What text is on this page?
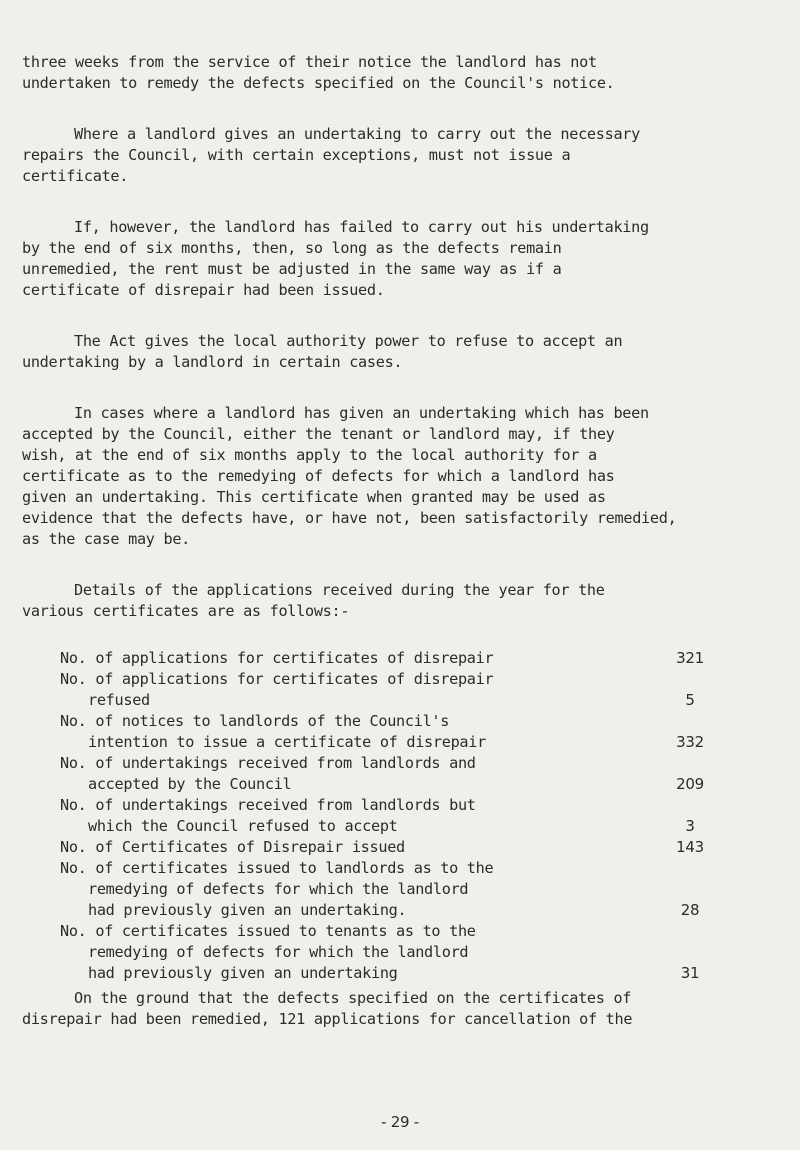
three weeks from the service of their notice the landlord has not
undertaken to remedy the defects specified on the Council's notice.

Where a landlord gives an undertaking to carry out the necessary
repairs the Council, with certain exceptions, must not issue a
certificate.

If, however, the landlord has failed to carry out his undertaking
by the end of six months, then, so long as the defects remain
unremedied, the rent must be adjusted in the same way as if a
certificate of disrepair had been issued.

The Act gives the local authority power to refuse to accept an
undertaking by a landlord in certain cases.

In cases where a landlord has given an undertaking which has been
accepted by the Council, either the tenant or landlord may, if they
wish, at the end of six months apply to the local authority for a
certificate as to the remedying of defects for which a landlord has
given an undertaking. This certificate when granted may be used as
evidence that the defects have, or have not, been satisfactorily remedied,
as the case may be.

Details of the applications received during the year for the
various certificates are as follows:-

No. of applications for certificates of disrepair	321

No. of applications for certificates of disrepair
refused	5

No. of notices to landlords of the Council's
intention to issue a certificate of disrepair	332

No. of undertakings received from landlords and
accepted by the Council	209

No. of undertakings received from landlords but
which the Council refused to accept	3

No. of Certificates of Disrepair issued	143

No. of certificates issued to landlords as to the
remedying of defects for which the landlord
had previously given an undertaking.	28

No. of certificates issued to tenants as to the
remedying of defects for which the landlord
had previously given an undertaking	31

On the ground that the defects specified on the certificates of
disrepair had been remedied, 121 applications for cancellation of the

- 29 -
